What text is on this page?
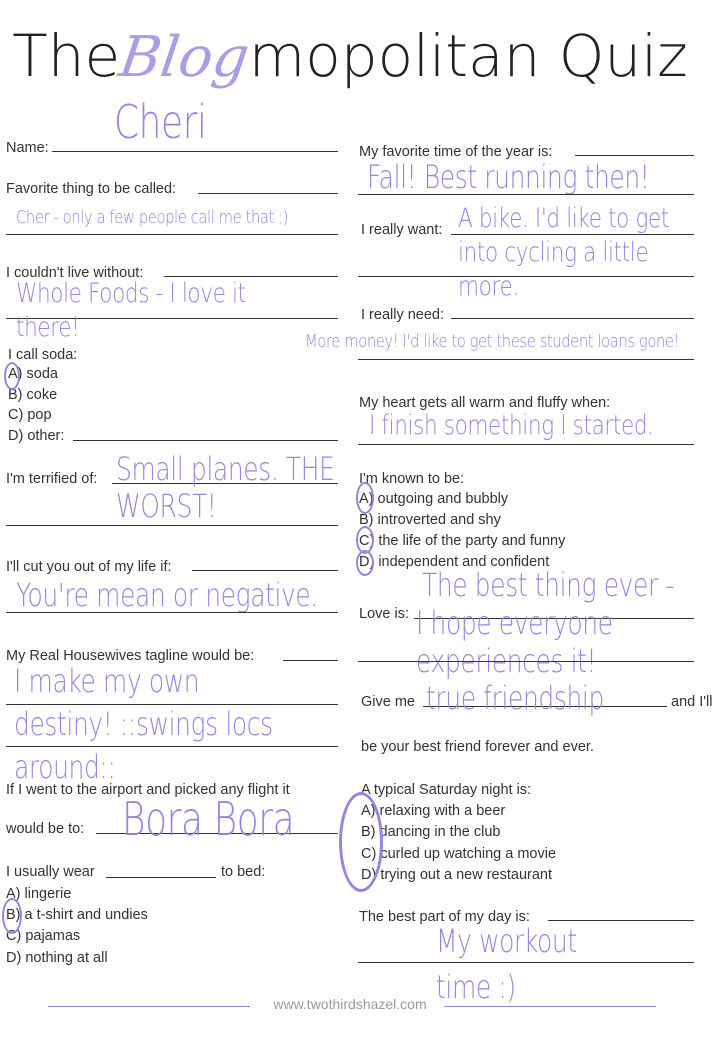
TheBlogmopolitan Quiz
Name: Cheri
Favorite thing to be called:
Cher - only a few people call me that :)
I couldn't live without:
Whole Foods - I love it
there!
I call soda:
A) soda
B) coke
C) pop
D) other:
I'm terrified of: Small planes. THE
WORST!
I'll cut you out of my life if:
You're mean or negative.
My Real Housewives tagline would be:
I make my own
destiny! ::swings locs
around::
If I went to the airport and picked any flight it
would be to: Bora Bora
I usually wear	to bed:
A) lingerie
B) a t-shirt and undies
C) pajamas
D) nothing at all
My favorite time of the year is:
Fall! Best running then!
I really want: A bike. I'd like to get
into cycling a little
more.
I really need:
More money! I'd like to get these student loans gone!
My heart gets all warm and fluffy when:
I finish something I started.
I'm known to be:
A) outgoing and bubbly
B) introverted and shy
C) the life of the party and funny
D) independent and confident
Love is:
The best thing ever -
I hope everyone
experiences it!
Give me true friendship	and I'll
be your best friend forever and ever.
A typical Saturday night is:
A) relaxing with a beer
B) dancing in the club
C) curled up watching a movie
D) trying out a new restaurant
The best part of my day is:
My workout
time :)
www.twothirdshazel.com
